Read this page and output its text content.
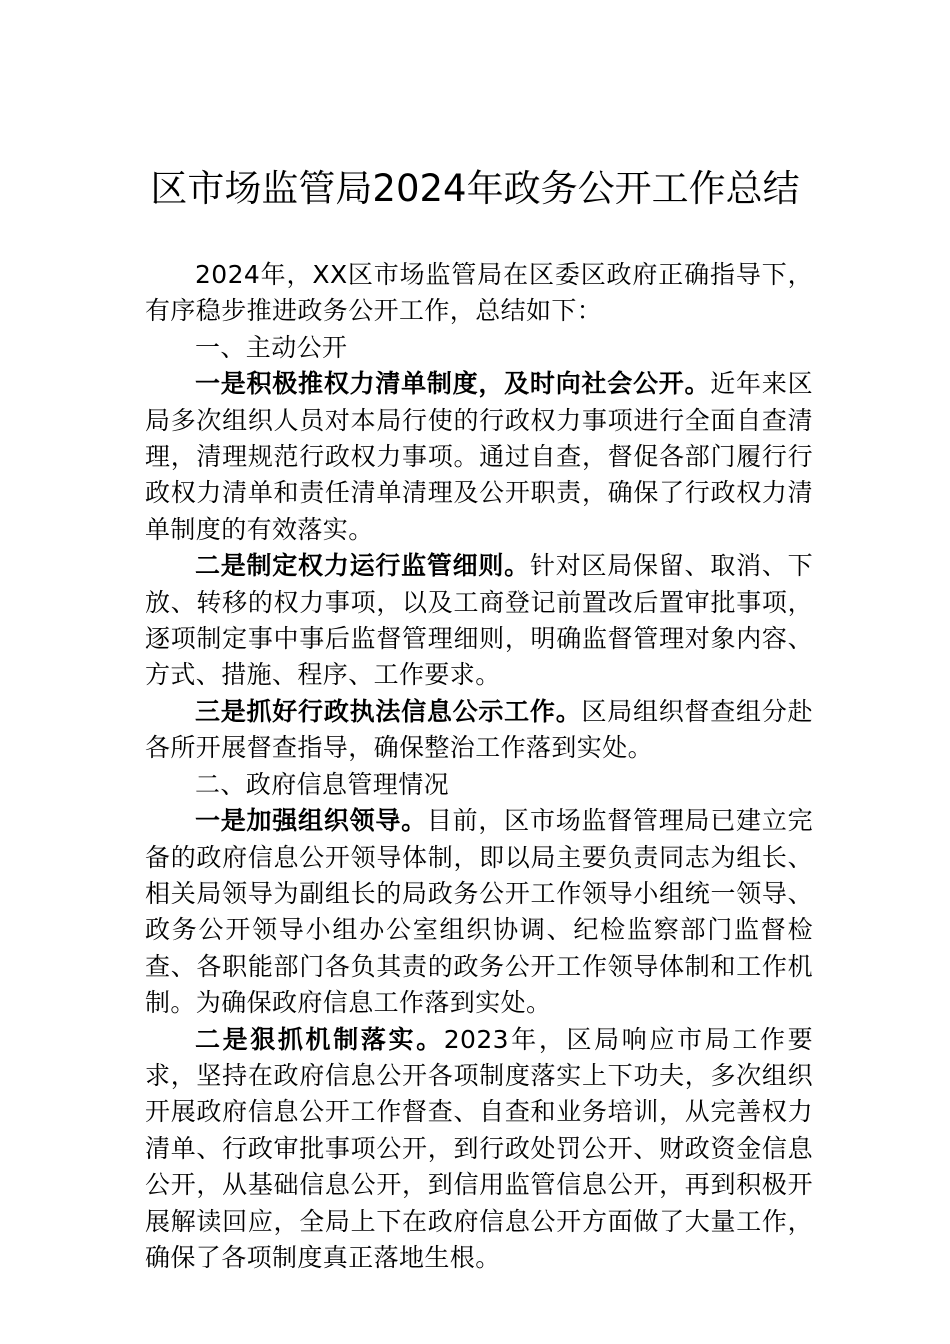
区市场监管局2024年政务公开工作总结

2024年，XX区市场监管局在区委区政府正确指导下，有序稳步推进政务公开工作，总结如下：

一、主动公开

一是积极推权力清单制度，及时向社会公开。近年来区局多次组织人员对本局行使的行政权力事项进行全面自查清理，清理规范行政权力事项。通过自查，督促各部门履行行政权力清单和责任清单清理及公开职责，确保了行政权力清单制度的有效落实。

二是制定权力运行监管细则。针对区局保留、取消、下放、转移的权力事项，以及工商登记前置改后置审批事项，逐项制定事中事后监督管理细则，明确监督管理对象内容、方式、措施、程序、工作要求。

三是抓好行政执法信息公示工作。区局组织督查组分赴各所开展督查指导，确保整治工作落到实处。

二、政府信息管理情况

一是加强组织领导。目前，区市场监督管理局已建立完备的政府信息公开领导体制，即以局主要负责同志为组长、相关局领导为副组长的局政务公开工作领导小组统一领导、政务公开领导小组办公室组织协调、纪检监察部门监督检查、各职能部门各负其责的政务公开工作领导体制和工作机制。为确保政府信息工作落到实处。

二是狠抓机制落实。2023年，区局响应市局工作要求，坚持在政府信息公开各项制度落实上下功夫，多次组织开展政府信息公开工作督查、自查和业务培训，从完善权力清单、行政审批事项公开，到行政处罚公开、财政资金信息公开，从基础信息公开，到信用监管信息公开，再到积极开展解读回应，全局上下在政府信息公开方面做了大量工作，确保了各项制度真正落地生根。
